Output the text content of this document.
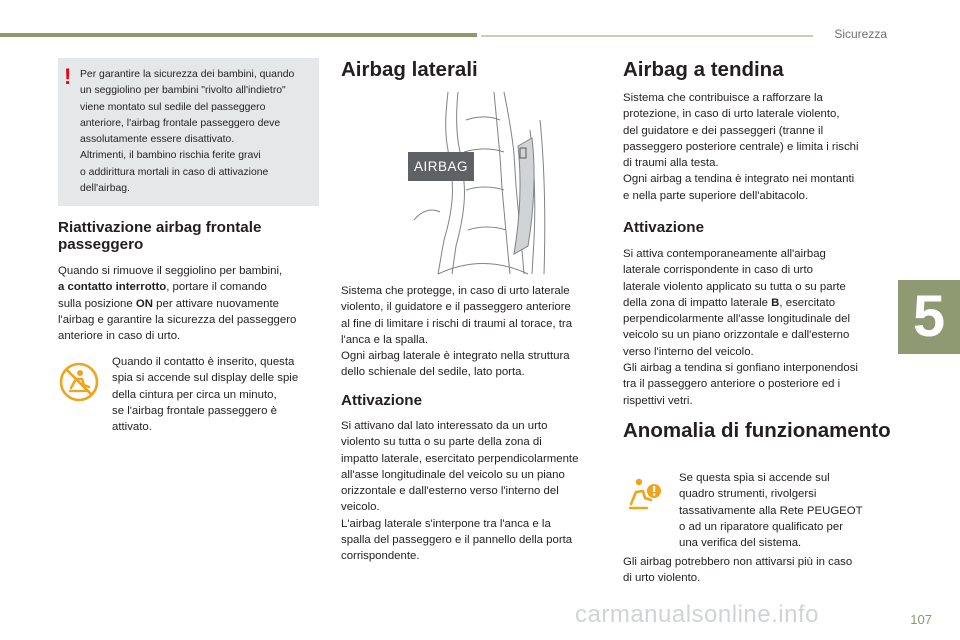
Sicurezza
5
! Per garantire la sicurezza dei bambini, quando
un seggiolino per bambini "rivolto all'indietro"
viene montato sul sedile del passeggero
anteriore, l'airbag frontale passeggero deve
assolutamente essere disattivato.
Altrimenti, il bambino rischia ferite gravi
o addirittura mortali in caso di attivazione
dell'airbag.
Riattivazione airbag frontale
passeggero
Quando si rimuove il seggiolino per bambini,
a contatto interrotto, portare il comando
sulla posizione ON per attivare nuovamente
l'airbag e garantire la sicurezza del passeggero
anteriore in caso di urto.
Quando il contatto è inserito, questa
spia si accende sul display delle spie
della cintura per circa un minuto,
se l'airbag frontale passeggero è
attivato.
Airbag laterali
AIRBAG
Sistema che protegge, in caso di urto laterale
violento, il guidatore e il passeggero anteriore
al fine di limitare i rischi di traumi al torace, tra
l'anca e la spalla.
Ogni airbag laterale è integrato nella struttura
dello schienale del sedile, lato porta.
Attivazione
Si attivano dal lato interessato da un urto
violento su tutta o su parte della zona di
impatto laterale, esercitato perpendicolarmente
all'asse longitudinale del veicolo su un piano
orizzontale e dall'esterno verso l'interno del
veicolo.
L'airbag laterale s'interpone tra l'anca e la
spalla del passeggero e il pannello della porta
corrispondente.
Airbag a tendina
Sistema che contribuisce a rafforzare la
protezione, in caso di urto laterale violento,
del guidatore e dei passeggeri (tranne il
passeggero posteriore centrale) e limita i rischi
di traumi alla testa.
Ogni airbag a tendina è integrato nei montanti
e nella parte superiore dell'abitacolo.
Attivazione
Si attiva contemporaneamente all'airbag
laterale corrispondente in caso di urto
laterale violento applicato su tutta o su parte
della zona di impatto laterale B, esercitato
perpendicolarmente all'asse longitudinale del
veicolo su un piano orizzontale e dall'esterno
verso l'interno del veicolo.
Gli airbag a tendina si gonfiano interponendosi
tra il passeggero anteriore o posteriore ed i
rispettivi vetri.
Anomalia di funzionamento
Se questa spia si accende sul
quadro strumenti, rivolgersi
tassativamente alla Rete PEUGEOT
o ad un riparatore qualificato per
una verifica del sistema.
Gli airbag potrebbero non attivarsi più in caso
di urto violento.
carmanualsonline.info	107
